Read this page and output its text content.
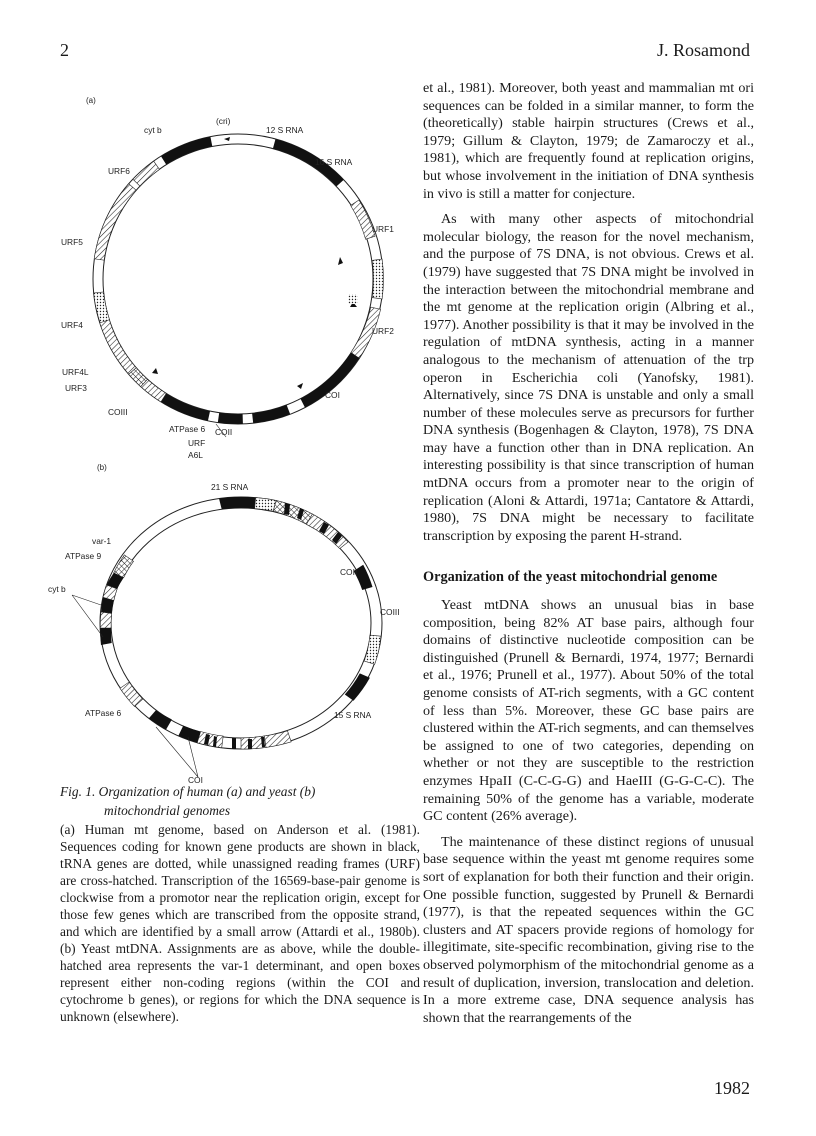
2	J. Rosamond
(a)
(cri)
cyt b	12 S RNA
16 S RNA
URF6
URF5
URF1
URF2
URF4
URF4L
URF3
COIII
COI
ATPase 6 COII
URF
A6L
(b)
21 S RNA
var-1
ATPase 9
cyt b
COII
COIII
ATPase 6	15 S RNA
COI
Fig. 1. Organization of human (a) and yeast (b)
mitochondrial genomes
(a) Human mt genome, based on Anderson et al. (1981). Sequences coding for known gene products are shown in black, tRNA genes are dotted, while unassigned reading frames (URF) are cross-hatched. Transcription of the 16569-base-pair genome is clockwise from a promotor near the replication origin, except for those few genes which are transcribed from the opposite strand, and which are identified by a small arrow (Attardi et al., 1980b). (b) Yeast mtDNA. Assignments are as above, while the double-hatched area represents the var-1 determinant, and open boxes represent either non-coding regions (within the COI and cytochrome b genes), or regions for which the DNA sequence is unknown (elsewhere).

et al., 1981). Moreover, both yeast and mammalian mt ori sequences can be folded in a similar manner, to form the (theoretically) stable hairpin structures (Crews et al., 1979; Gillum & Clayton, 1979; de Zamaroczy et al., 1981), which are frequently found at replication origins, but whose involvement in the initiation of DNA synthesis in vivo is still a matter for conjecture.

As with many other aspects of mitochondrial molecular biology, the reason for the novel mechanism, and the purpose of 7S DNA, is not obvious. Crews et al. (1979) have suggested that 7S DNA might be involved in the interaction between the mitochondrial membrane and the mt genome at the replication origin (Albring et al., 1977). Another possibility is that it may be involved in the regulation of mtDNA synthesis, acting in a manner analogous to the mechanism of attenuation of the trp operon in Escherichia coli (Yanofsky, 1981). Alternatively, since 7S DNA is unstable and only a small number of these molecules serve as precursors for further DNA synthesis (Bogenhagen & Clayton, 1978), 7S DNA may have a function other than in DNA replication. An interesting possibility is that since transcription of human mtDNA occurs from a promoter near to the origin of replication (Aloni & Attardi, 1971a; Cantatore & Attardi, 1980), 7S DNA might be necessary to facilitate transcription by exposing the parent H-strand.

Organization of the yeast mitochondrial genome

Yeast mtDNA shows an unusual bias in base composition, being 82% AT base pairs, although four domains of distinctive nucleotide composition can be distinguished (Prunell & Bernardi, 1974, 1977; Bernardi et al., 1976; Prunell et al., 1977). About 50% of the total genome consists of AT-rich segments, with a GC content of less than 5%. Moreover, these GC base pairs are clustered within the AT-rich segments, and can themselves be assigned to one of two categories, depending on whether or not they are susceptible to the restriction enzymes HpaII (C-C-G-G) and HaeIII (G-G-C-C). The remaining 50% of the genome has a variable, moderate GC content (26% average).

The maintenance of these distinct regions of unusual base sequence within the yeast mt genome requires some sort of explanation for both their function and their origin. One possible function, suggested by Prunell & Bernardi (1977), is that the repeated sequences within the GC clusters and AT spacers provide regions of homology for illegitimate, site-specific recombination, giving rise to the observed polymorphism of the mitochondrial genome as a result of duplication, inversion, translocation and deletion. In a more extreme case, DNA sequence analysis has shown that the rearrangements of the

1982
